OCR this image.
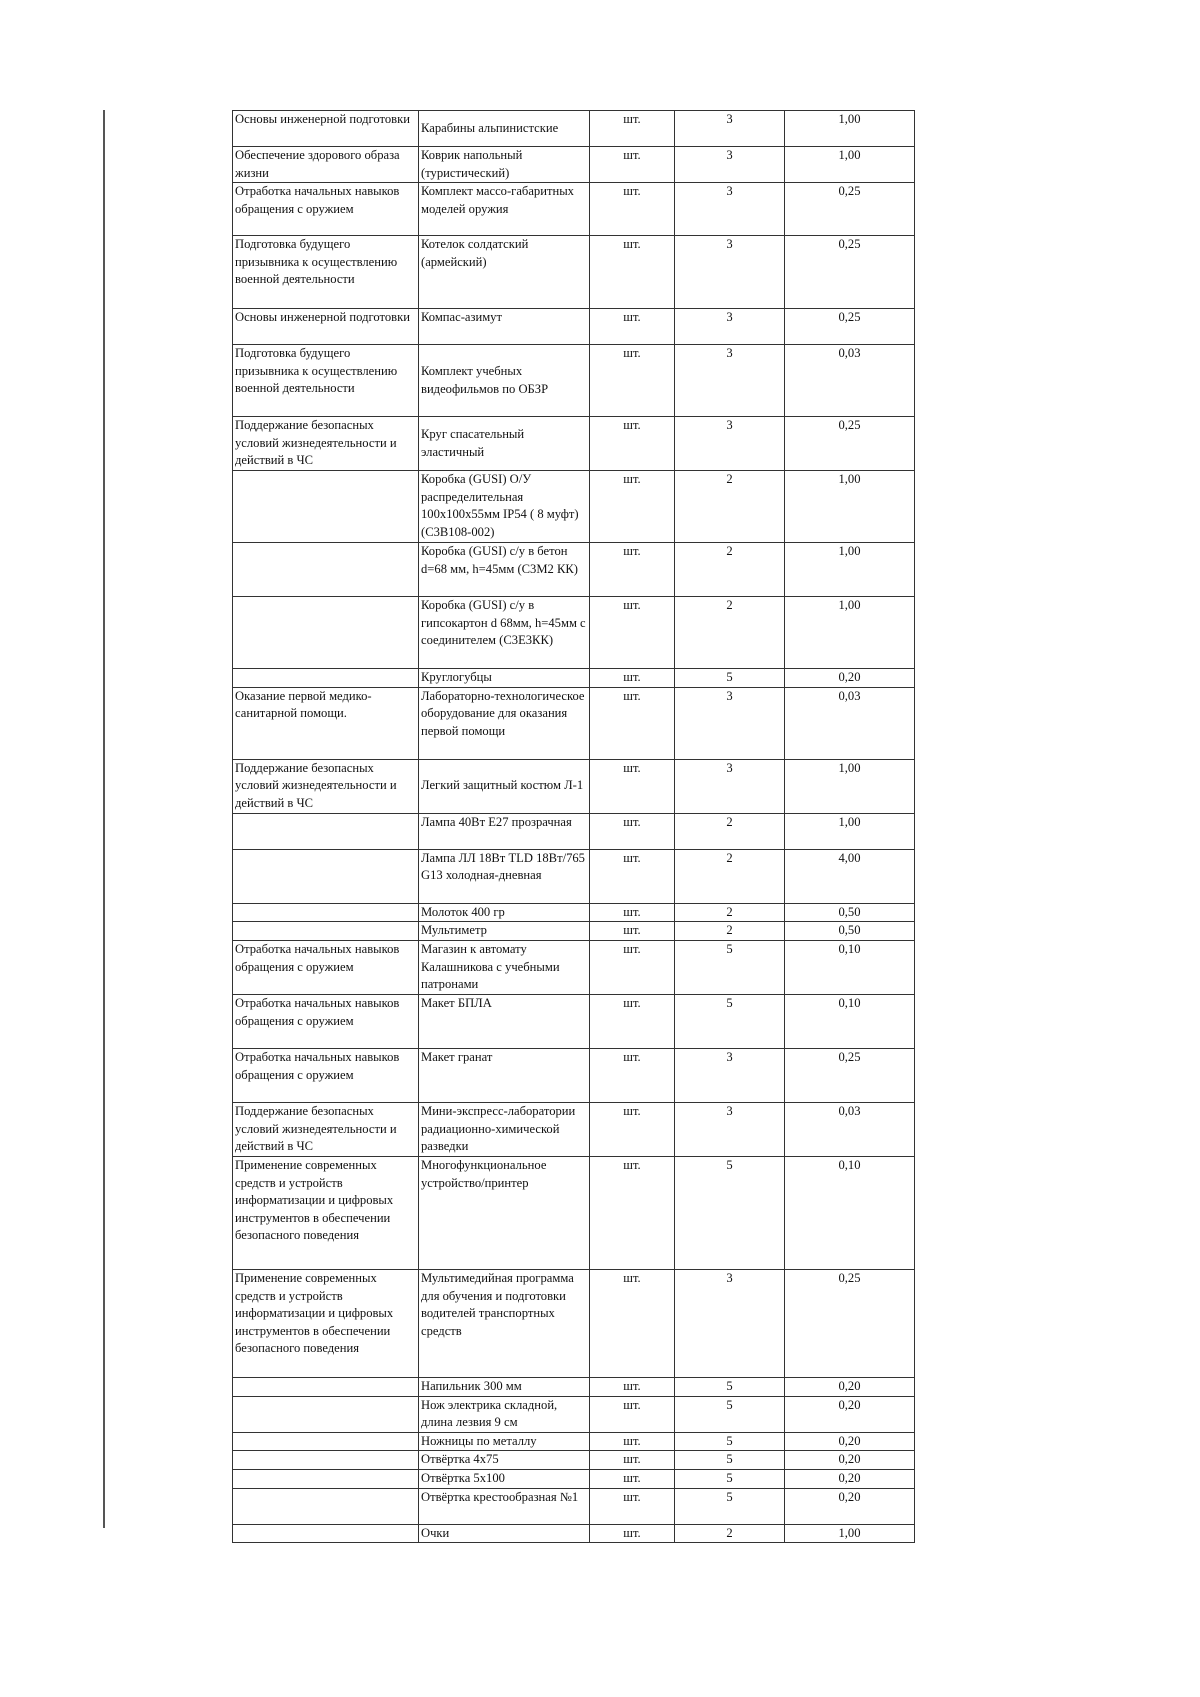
Основы инженерной подготовки	Карабины альпинистские	шт.	3	1,00
Обеспечение здорового образа жизни	Коврик напольный (туристический)	шт.	3	1,00
Отработка начальных навыков обращения с оружием	Комплект массо-габаритных моделей оружия	шт.	3	0,25
Подготовка будущего призывника к осуществлению военной деятельности	Котелок солдатский (армейский)	шт.	3	0,25
Основы инженерной подготовки	Компас-азимут	шт.	3	0,25
Подготовка будущего призывника к осуществлению военной деятельности	Комплект учебных видеофильмов по ОБЗР	шт.	3	0,03
Поддержание безопасных условий жизнедеятельности и действий в ЧС	Круг спасательный эластичный	шт.	3	0,25
	Коробка (GUSI) О/У распределительная 100x100x55мм IP54 ( 8 муфт) (С3В108-002)	шт.	2	1,00
	Коробка (GUSI) с/у в бетон d=68 мм, h=45мм (С3М2 КК)	шт.	2	1,00
	Коробка (GUSI) с/у в гипсокартон d 68мм, h=45мм с соединителем (С3Е3КК)	шт.	2	1,00
	Круглогубцы	шт.	5	0,20
Оказание первой медико-санитарной помощи.	Лабораторно-технологическое оборудование для оказания первой помощи	шт.	3	0,03
Поддержание безопасных условий жизнедеятельности и действий в ЧС	Легкий защитный костюм Л-1	шт.	3	1,00
	Лампа 40Вт Е27 прозрачная	шт.	2	1,00
	Лампа ЛЛ 18Вт TLD 18Вт/765 G13 холодная-дневная	шт.	2	4,00
	Молоток 400 гр	шт.	2	0,50
	Мультиметр	шт.	2	0,50
Отработка начальных навыков обращения с оружием	Магазин к автомату Калашникова с учебными патронами	шт.	5	0,10
Отработка начальных навыков обращения с оружием	Макет БПЛА	шт.	5	0,10
Отработка начальных навыков обращения с оружием	Макет гранат	шт.	3	0,25
Поддержание безопасных условий жизнедеятельности и действий в ЧС	Мини-экспресс-лаборатории радиационно-химической разведки	шт.	3	0,03
Применение современных средств и устройств информатизации и цифровых инструментов в обеспечении безопасного поведения	Многофункциональное устройство/принтер	шт.	5	0,10
Применение современных средств и устройств информатизации и цифровых инструментов в обеспечении безопасного поведения	Мультимедийная программа для обучения и подготовки водителей транспортных средств	шт.	3	0,25
	Напильник 300 мм	шт.	5	0,20
	Нож электрика складной, длина лезвия 9 см	шт.	5	0,20
	Ножницы по металлу	шт.	5	0,20
	Отвёртка 4х75	шт.	5	0,20
	Отвёртка 5х100	шт.	5	0,20
	Отвёртка крестообразная №1	шт.	5	0,20
	Очки	шт.	2	1,00
